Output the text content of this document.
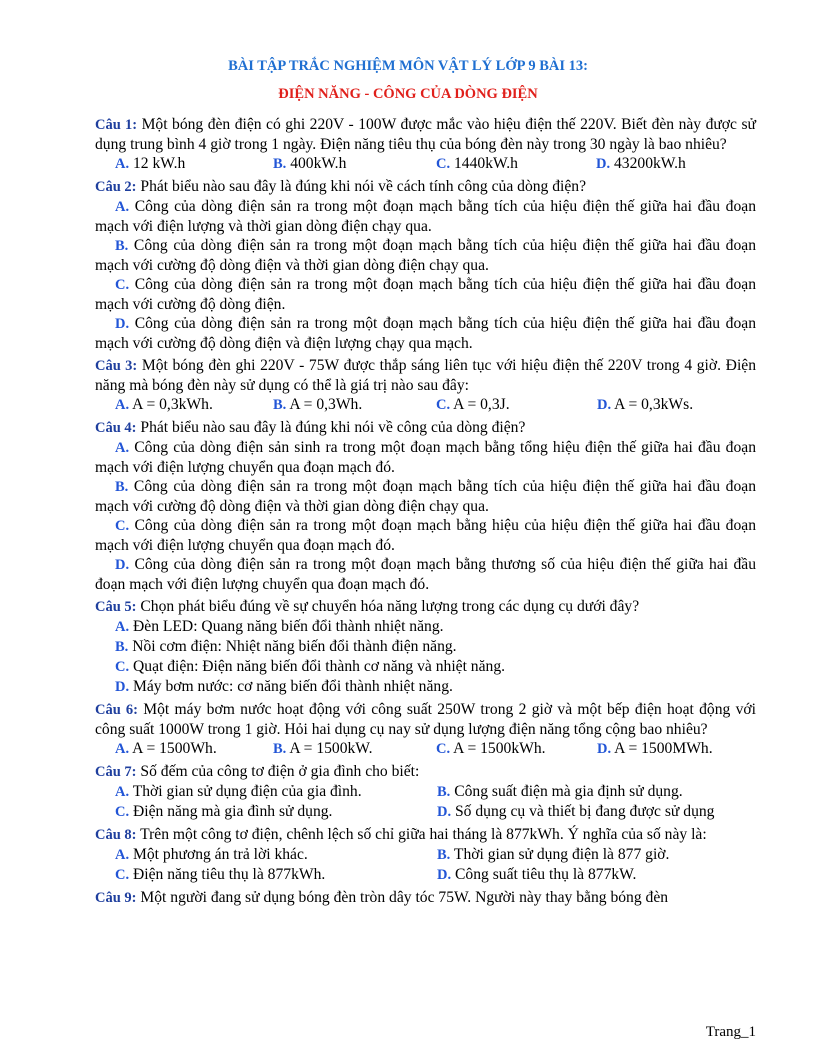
BÀI TẬP TRẮC NGHIỆM MÔN VẬT LÝ LỚP 9 BÀI 13:
ĐIỆN NĂNG - CÔNG CỦA DÒNG ĐIỆN
Câu 1: Một bóng đèn điện có ghi 220V - 100W được mắc vào hiệu điện thế 220V. Biết đèn này được sử dụng trung bình 4 giờ trong 1 ngày. Điện năng tiêu thụ của bóng đèn này trong 30 ngày là bao nhiêu?
A. 12 kW.h	B. 400kW.h	C. 1440kW.h	D. 43200kW.h
Câu 2: Phát biểu nào sau đây là đúng khi nói về cách tính công của dòng điện?
A. Công của dòng điện sản ra trong một đoạn mạch bằng tích của hiệu điện thế giữa hai đầu đoạn mạch với điện lượng và thời gian dòng điện chạy qua.
B. Công của dòng điện sản ra trong một đoạn mạch bằng tích của hiệu điện thế giữa hai đầu đoạn mạch với cường độ dòng điện và thời gian dòng điện chạy qua.
C. Công của dòng điện sản ra trong một đoạn mạch bằng tích của hiệu điện thế giữa hai đầu đoạn mạch với cường độ dòng điện.
D. Công của dòng điện sản ra trong một đoạn mạch bằng tích của hiệu điện thế giữa hai đầu đoạn mạch với cường độ dòng điện và điện lượng chạy qua mạch.
Câu 3: Một bóng đèn ghi 220V - 75W được thắp sáng liên tục với hiệu điện thế 220V trong 4 giờ. Điện năng mà bóng đèn này sử dụng có thể là giá trị nào sau đây:
A. A = 0,3kWh.	B. A = 0,3Wh.	C. A = 0,3J.	D. A = 0,3kWs.
Câu 4: Phát biểu nào sau đây là đúng khi nói về công của dòng điện?
A. Công của dòng điện sản sinh ra trong một đoạn mạch bằng tổng hiệu điện thế giữa hai đầu đoạn mạch với điện lượng chuyển qua đoạn mạch đó.
B. Công của dòng điện sản ra trong một đoạn mạch bằng tích của hiệu điện thế giữa hai đầu đoạn mạch với cường độ dòng điện và thời gian dòng điện chạy qua.
C. Công của dòng điện sản ra trong một đoạn mạch bằng hiệu của hiệu điện thế giữa hai đầu đoạn mạch với điện lượng chuyển qua đoạn mạch đó.
D. Công của dòng điện sản ra trong một đoạn mạch bằng thương số của hiệu điện thế giữa hai đầu đoạn mạch với điện lượng chuyển qua đoạn mạch đó.
Câu 5: Chọn phát biểu đúng về sự chuyển hóa năng lượng trong các dụng cụ dưới đây?
A. Đèn LED: Quang năng biến đổi thành nhiệt năng.
B. Nồi cơm điện: Nhiệt năng biến đổi thành điện năng.
C. Quạt điện: Điện năng biến đổi thành cơ năng và nhiệt năng.
D. Máy bơm nước: cơ năng biến đổi thành nhiệt năng.
Câu 6: Một máy bơm nước hoạt động với công suất 250W trong 2 giờ và một bếp điện hoạt động với công suất 1000W trong 1 giờ. Hỏi hai dụng cụ nay sử dụng lượng điện năng tổng cộng bao nhiêu?
A. A = 1500Wh.	B. A = 1500kW.	C. A = 1500kWh.	D. A = 1500MWh.
Câu 7: Số đếm của công tơ điện ở gia đình cho biết:
A. Thời gian sử dụng điện của gia đình.	B. Công suất điện mà gia định sử dụng.
C. Điện năng mà gia đình sử dụng.	D. Số dụng cụ và thiết bị đang được sử dụng
Câu 8: Trên một công tơ điện, chênh lệch số chỉ giữa hai tháng là 877kWh. Ý nghĩa của số này là:
A. Một phương án trả lời khác.	B. Thời gian sử dụng điện là 877 giờ.
C. Điện năng tiêu thụ là 877kWh.	D. Công suất tiêu thụ là 877kW.
Câu 9: Một người đang sử dụng bóng đèn tròn dây tóc 75W. Người này thay bằng bóng đèn
Trang_1
